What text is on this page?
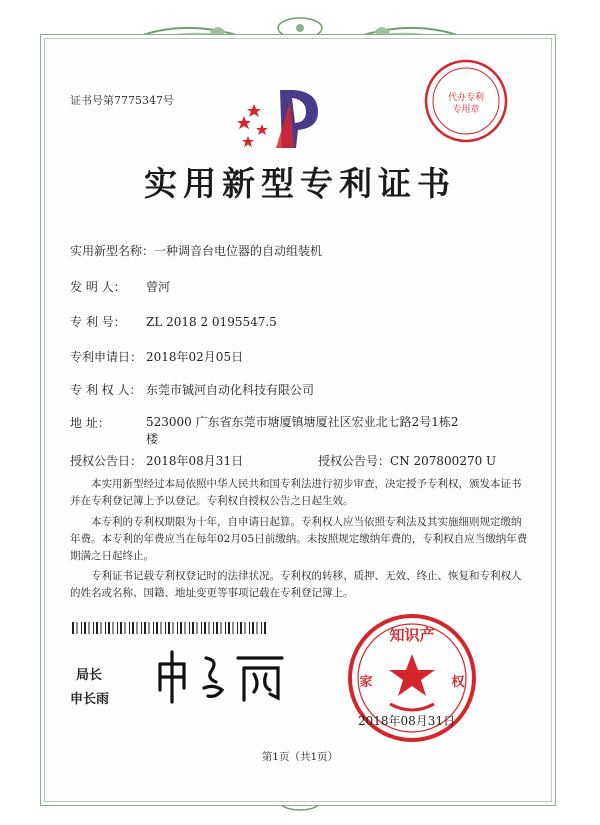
证书号第7775347号	代办专利
专用章
实用新型专利证书
实用新型名称：一种调音台电位器的自动组装机
发 明 人： 曾河
专 利 号： ZL 2018 2 0195547.5
专利申请日： 2018年02月05日
专 利 权 人： 东莞市铖河自动化科技有限公司
地 址：	523000 广东省东莞市塘厦镇塘厦社区宏业北七路2号1栋2楼
授权公告日： 2018年08月31日	授权公告号：CN 207800270 U
本实用新型经过本局依照中华人民共和国专利法进行初步审查，决定授予专利权，颁发本证书并在专利登记簿上予以登记。专利权自授权公告之日起生效。
本专利的专利权期限为十年，自申请日起算。专利权人应当依照专利法及其实施细则规定缴纳年费。本专利的年费应当在每年02月05日前缴纳。未按照规定缴纳年费的，专利权自应当缴纳年费期满之日起终止。
专利证书记载专利权登记时的法律状况。专利权的转移、质押、无效、终止、恢复和专利权人的姓名或名称、国籍、地址变更等事项记载在专利登记簿上。
局长
申长雨
知识产
家	权
2018年08月31日
第1页（共1页）
